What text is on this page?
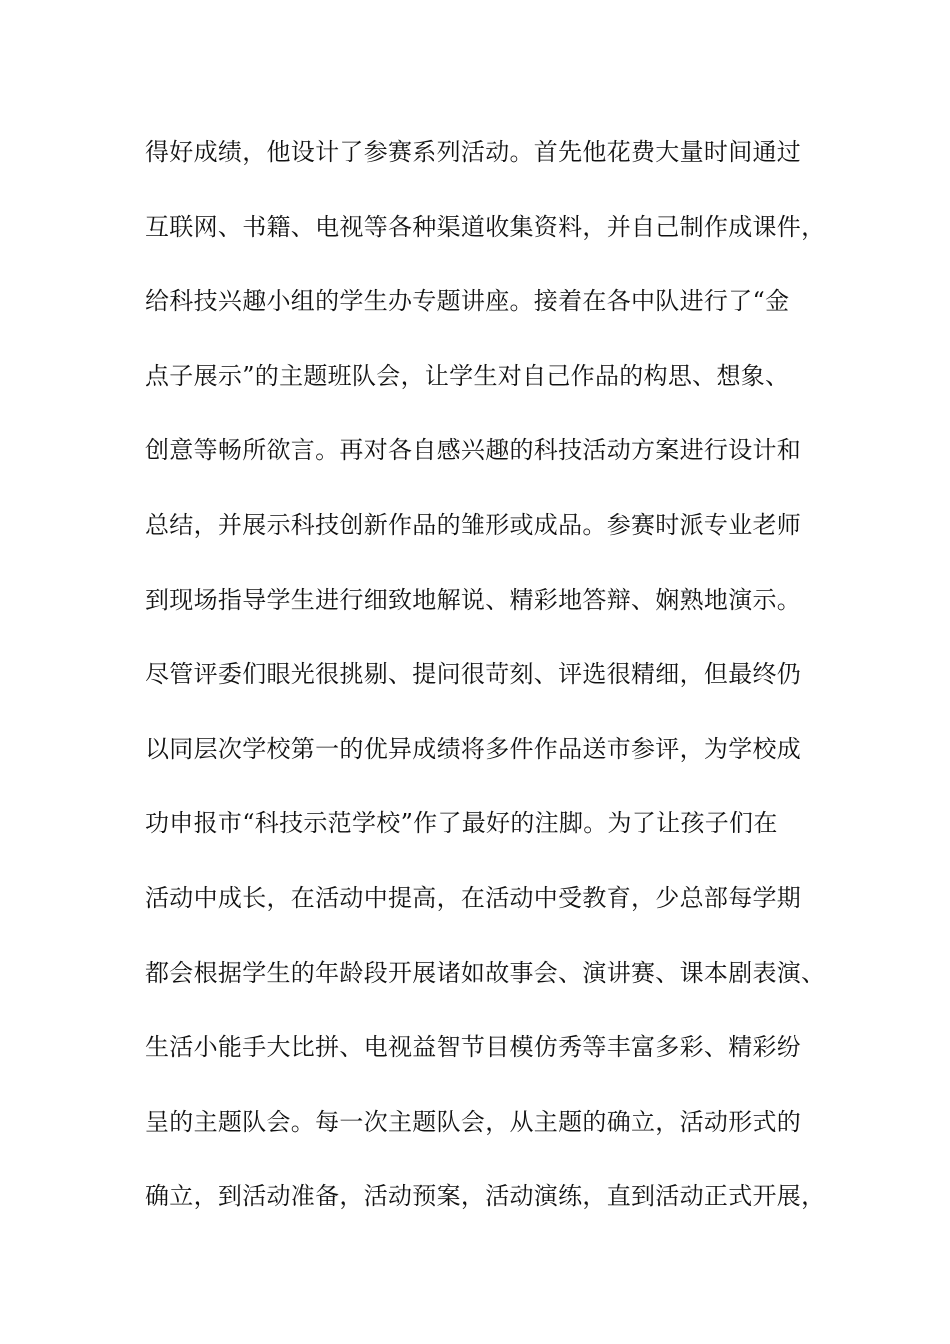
得好成绩，他设计了参赛系列活动。首先他花费大量时间通过
互联网、书籍、电视等各种渠道收集资料，并自己制作成课件，
给科技兴趣小组的学生办专题讲座。接着在各中队进行了“金
点子展示”的主题班队会，让学生对自己作品的构思、想象、
创意等畅所欲言。再对各自感兴趣的科技活动方案进行设计和
总结，并展示科技创新作品的雏形或成品。参赛时派专业老师
到现场指导学生进行细致地解说、精彩地答辩、娴熟地演示。
尽管评委们眼光很挑剔、提问很苛刻、评选很精细，但最终仍
以同层次学校第一的优异成绩将多件作品送市参评，为学校成
功申报市“科技示范学校”作了最好的注脚。为了让孩子们在
活动中成长，在活动中提高，在活动中受教育，少总部每学期
都会根据学生的年龄段开展诸如故事会、演讲赛、课本剧表演、
生活小能手大比拼、电视益智节目模仿秀等丰富多彩、精彩纷
呈的主题队会。每一次主题队会，从主题的确立，活动形式的
确立，到活动准备，活动预案，活动演练，直到活动正式开展，
